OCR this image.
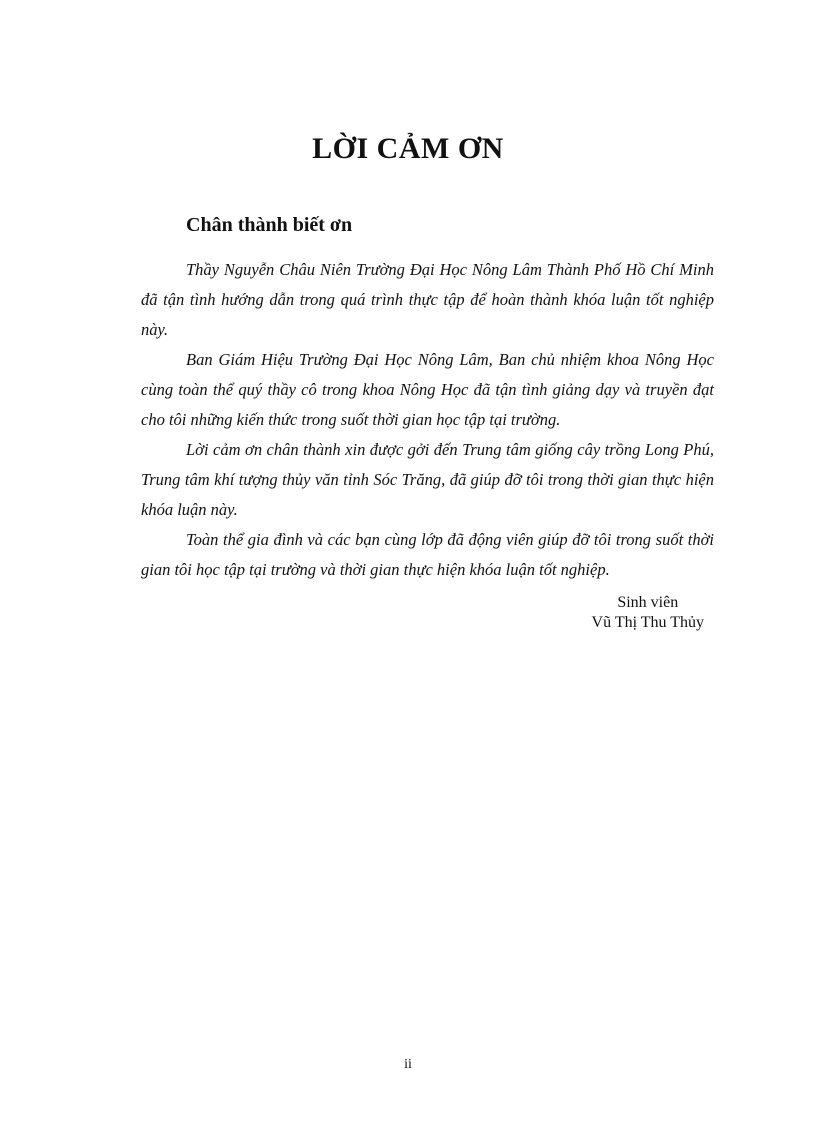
LỜI CẢM ƠN
Chân thành biết ơn

Thầy Nguyễn Châu Niên Trường Đại Học Nông Lâm Thành Phố Hồ Chí Minh đã tận tình hướng dẫn trong quá trình thực tập để hoàn thành khóa luận tốt nghiệp này.

Ban Giám Hiệu Trường Đại Học Nông Lâm, Ban chủ nhiệm khoa Nông Học cùng toàn thể quý thầy cô trong khoa Nông Học đã tận tình giảng dạy và truyền đạt cho tôi những kiến thức trong suốt thời gian học tập tại trường.

Lời cảm ơn chân thành xin được gởi đến Trung tâm giống cây trồng Long Phú, Trung tâm khí tượng thủy văn tỉnh Sóc Trăng, đã giúp đỡ tôi trong thời gian thực hiện khóa luận này.

Toàn thể gia đình và các bạn cùng lớp đã động viên giúp đỡ tôi trong suốt thời gian tôi học tập tại trường và thời gian thực hiện khóa luận tốt nghiệp.

Sinh viên
Vũ Thị Thu Thủy
ii
